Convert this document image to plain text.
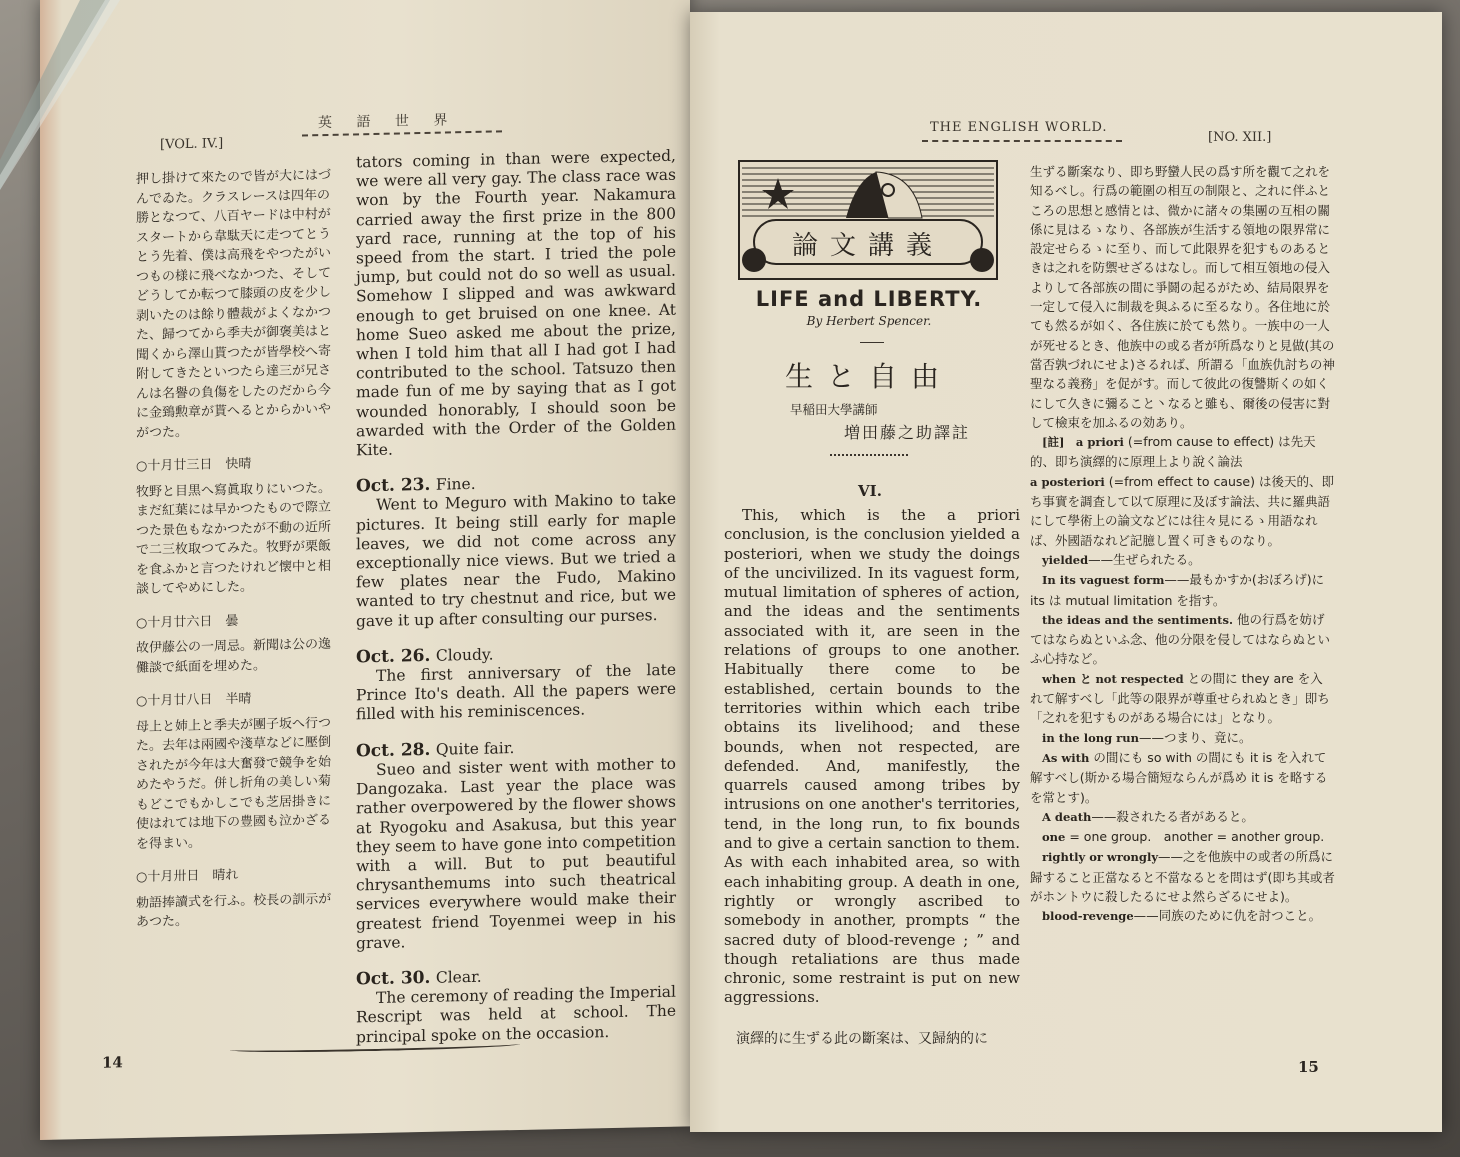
[VOL. IV.]
英 語 世 界

押し掛けて來たので皆が大にはづんでゐた。クラスレースは四年の勝となつて、八百ヤードは中村がスタートから韋駄天に走つてとうとう先着、僕は高飛をやつたがいつもの様に飛べなかつた、そしてどうしてか転つて膝頭の皮を少し剥いたのは餘り體裁がよくなかつた、歸つてから季夫が御褒美はと聞くから澤山貰つたが皆學校へ寄附してきたといつたら達三が兄さんは名譽の負傷をしたのだから今に金鵄勲章が貰へるとからかいやがつた。

○十月廿三日　快晴

牧野と目黒へ寫眞取りにいつた。まだ紅葉には早かつたもので際立つた景色もなかつたが不動の近所で二三枚取つてみた。牧野が栗飯を食ふかと言つたけれど懐中と相談してやめにした。

○十月廿六日　曇

故伊藤公の一周忌。新聞は公の逸儺談で紙面を埋めた。

○十月廿八日　半晴

母上と姉上と季夫が團子坂へ行つた。去年は兩國や淺草などに壓倒されたが今年は大奮發で競争を始めたやうだ。併し折角の美しい菊もどこでもかしこでも芝居掛きに使はれては地下の豊國も泣かざるを得まい。

○十月卅日　晴れ

勅語捧讀式を行ふ。校長の訓示があつた。

tators coming in than were expected, we were all very gay. The class race was won by the Fourth year. Nakamura carried away the first prize in the 800 yard race, running at the top of his speed from the start. I tried the pole jump, but could not do so well as usual. Somehow I slipped and was awkward enough to get bruised on one knee. At home Sueo asked me about the prize, when I told him that all I had got I had contributed to the school. Tatsuzo then made fun of me by saying that as I got wounded honorably, I should soon be awarded with the Order of the Golden Kite.

Oct. 23. Fine.

Went to Meguro with Makino to take pictures. It being still early for maple leaves, we did not come across any exceptionally nice views. But we tried a few plates near the Fudo, Makino wanted to try chestnut and rice, but we gave it up after consulting our purses.

Oct. 26. Cloudy.

The first anniversary of the late Prince Ito's death. All the papers were filled with his reminiscences.

Oct. 28. Quite fair.

Sueo and sister went with mother to Dangozaka. Last year the place was rather overpowered by the flower shows at Ryogoku and Asakusa, but this year they seem to have gone into competition with a will. But to put beautiful chrysanthemums into such theatrical services everywhere would make their greatest friend Toyenmei weep in his grave.

Oct. 30. Clear.

The ceremony of reading the Imperial Rescript was held at school. The principal spoke on the occasion.

14
THE ENGLISH WORLD.
[NO. XII.]
論文講義
LIFE and LIBERTY.
By Herbert Spencer.
生と自由
早稲田大學講師
増田藤之助譯註
VI.
This, which is the a priori conclusion, is the conclusion yielded a posteriori, when we study the doings of the uncivilized. In its vaguest form, mutual limitation of spheres of action, and the ideas and the sentiments associated with it, are seen in the relations of groups to one another. Habitually there come to be established, certain bounds to the territories within which each tribe obtains its livelihood; and these bounds, when not respected, are defended. And, manifestly, the quarrels caused among tribes by intrusions on one another's territories, tend, in the long run, to fix bounds and to give a certain sanction to them. As with each inhabited area, so with each inhabiting group. A death in one, rightly or wrongly ascribed to somebody in another, prompts “ the sacred duty of blood-revenge ; ” and though retaliations are thus made chronic, some restraint is put on new aggressions.
演繹的に生ずる此の斷案は、又歸納的に

生ずる斷案なり、即ち野蠻人民の爲す所を觀て之れを知るべし。行爲の範圍の相互の制限と、之れに伴ふところの思想と感情とは、微かに諸々の集團の互相の關係に見はるゝなり、各部族が生活する領地の限界常に設定せらるゝに至り、而して此限界を犯すものあるときは之れを防禦せざるはなし。而して相互領地の侵入よりして各部族の間に爭鬪の起るがため、結局限界を一定して侵入に制裁を與ふるに至るなり。各住地に於ても然るが如く、各住族に於ても然り。一族中の一人が死せるとき、他族中の或る者が所爲なりと見做(其の當否孰づれにせよ)さるれば、所謂る「血族仇討ちの神聖なる義務」を促がす。而して彼此の復讐斯くの如くにして久きに彌ること丶なると雖も、爾後の侵害に對して檢束を加ふるの効あり。

[註]　a priori (=from cause to effect) は先天的、即ち演繹的に原理上より說く論法

a posteriori (=from effect to cause) は後天的、即ち事實を調査して以て原理に及ぼす論法、共に羅典語にして學術上の論文などには往々見にるゝ用語なれば、外國語なれど記臆し置く可きものなり。

yielded——生ぜられたる。

In its vaguest form——最もかすか(おぼろげ)に its は mutual limitation を指す。

the ideas and the sentiments. 他の行爲を妨げてはならぬといふ念、他の分限を侵してはならぬといふ心持など。

when と not respected との間に they are を入れて解すべし「此等の限界が尊重せられぬとき」即ち「之れを犯すものがある場合には」となり。

in the long run——つまり、竟に。

As with の間にも so with の間にも it is を入れて解すべし(斯かる場合簡短ならんが爲め it is を略するを常とす)。

A death——殺されたる者があると。

one = one group.　another = another group.

rightly or wrongly——之を他族中の或者の所爲に歸すること正當なると不當なるとを問はず(即ち其或者がホントウに殺したるにせよ然らざるにせよ)。

blood-revenge——同族のために仇を討つこと。

15
